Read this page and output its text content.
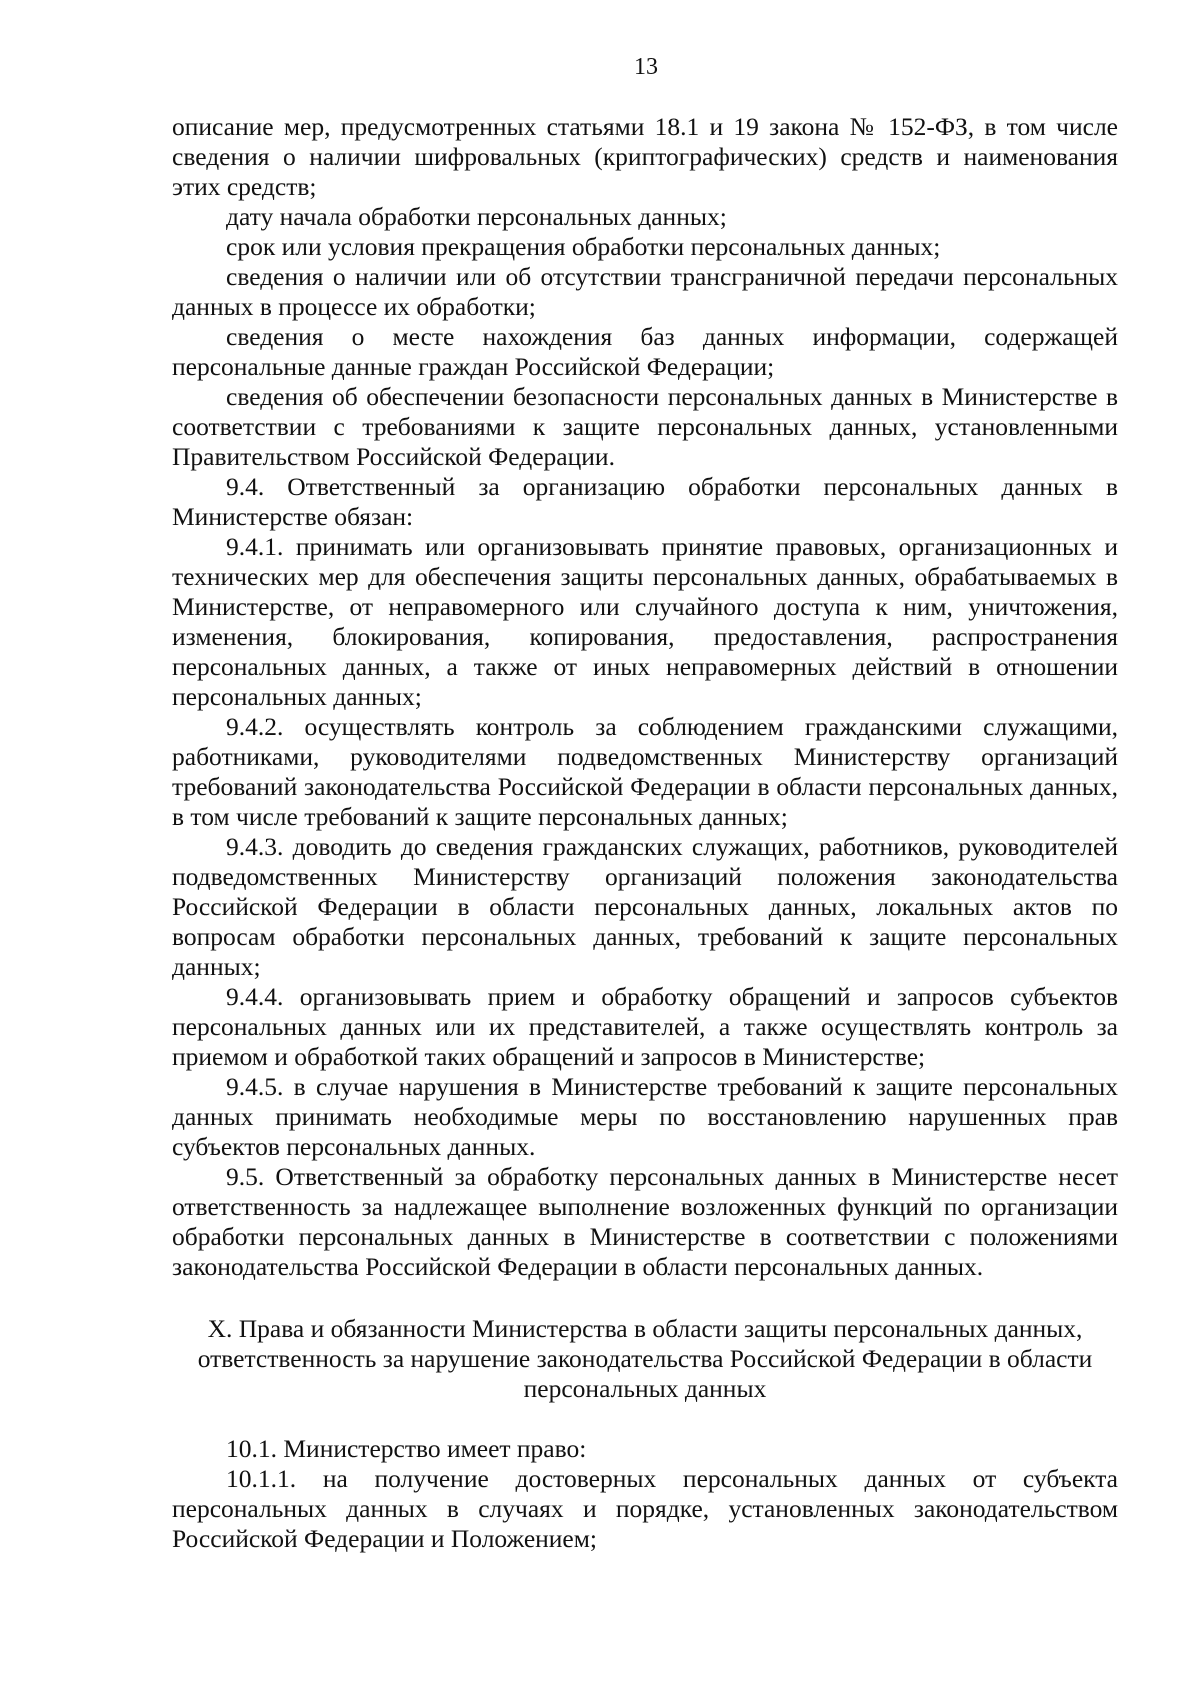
13

описание мер, предусмотренных статьями 18.1 и 19 закона № 152-ФЗ, в том числе сведения о наличии шифровальных (криптографических) средств и наименования этих средств;

дату начала обработки персональных данных;

срок или условия прекращения обработки персональных данных;

сведения о наличии или об отсутствии трансграничной передачи персональных данных в процессе их обработки;

сведения о месте нахождения баз данных информации, содержащей персональные данные граждан Российской Федерации;

сведения об обеспечении безопасности персональных данных в Министерстве в соответствии с требованиями к защите персональных данных, установленными Правительством Российской Федерации.

9.4. Ответственный за организацию обработки персональных данных в Министерстве обязан:

9.4.1. принимать или организовывать принятие правовых, организационных и технических мер для обеспечения защиты персональных данных, обрабатываемых в Министерстве, от неправомерного или случайного доступа к ним, уничтожения, изменения, блокирования, копирования, предоставления, распространения персональных данных, а также от иных неправомерных действий в отношении персональных данных;

9.4.2. осуществлять контроль за соблюдением гражданскими служащими, работниками, руководителями подведомственных Министерству организаций требований законодательства Российской Федерации в области персональных данных, в том числе требований к защите персональных данных;

9.4.3. доводить до сведения гражданских служащих, работников, руководителей подведомственных Министерству организаций положения законодательства Российской Федерации в области персональных данных, локальных актов по вопросам обработки персональных данных, требований к защите персональных данных;

9.4.4. организовывать прием и обработку обращений и запросов субъектов персональных данных или их представителей, а также осуществлять контроль за приемом и обработкой таких обращений и запросов в Министерстве;

9.4.5. в случае нарушения в Министерстве требований к защите персональных данных принимать необходимые меры по восстановлению нарушенных прав субъектов персональных данных.

9.5. Ответственный за обработку персональных данных в Министерстве несет ответственность за надлежащее выполнение возложенных функций по организации обработки персональных данных в Министерстве в соответствии с положениями законодательства Российской Федерации в области персональных данных.

X. Права и обязанности Министерства в области защиты персональных данных,
ответственность за нарушение законодательства Российской Федерации в области
персональных данных

10.1. Министерство имеет право:

10.1.1. на получение достоверных персональных данных от субъекта персональных данных в случаях и порядке, установленных законодательством Российской Федерации и Положением;
